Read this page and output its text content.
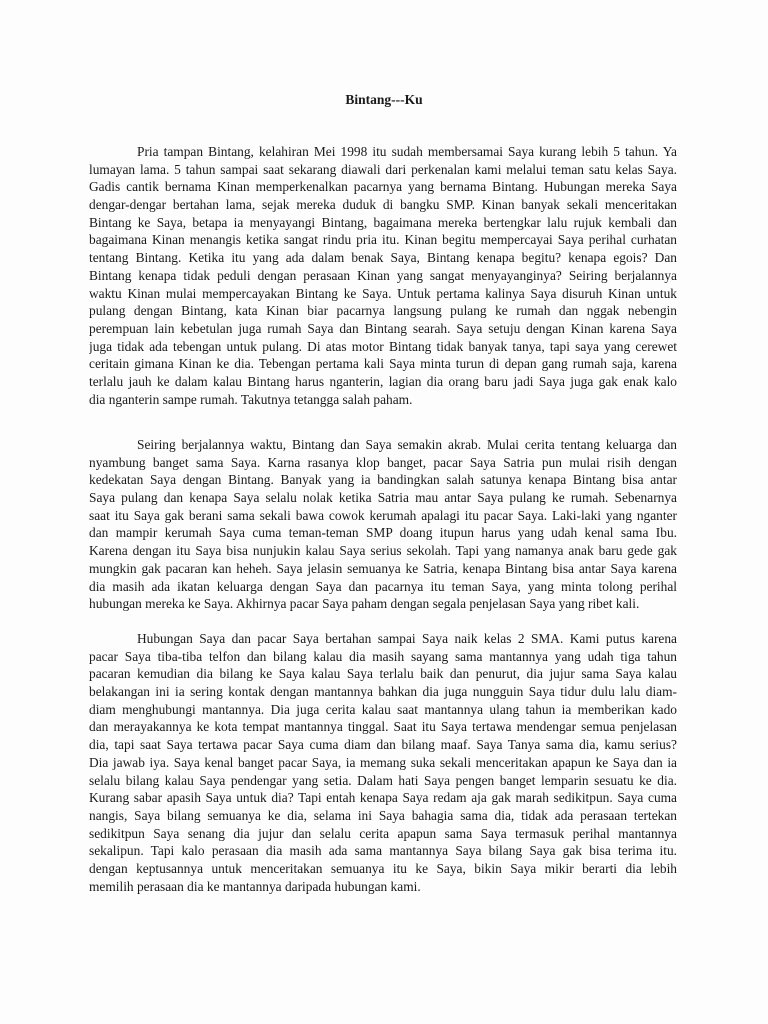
Bintang---Ku
Pria tampan Bintang, kelahiran Mei 1998 itu sudah membersamai Saya kurang lebih 5 tahun. Ya
lumayan lama. 5 tahun sampai saat sekarang diawali dari perkenalan kami melalui teman satu kelas Saya.
Gadis cantik bernama Kinan memperkenalkan pacarnya yang bernama Bintang. Hubungan mereka Saya
dengar-dengar bertahan lama, sejak mereka duduk di bangku SMP. Kinan banyak sekali menceritakan
Bintang ke Saya, betapa ia menyayangi Bintang, bagaimana mereka bertengkar lalu rujuk kembali dan
bagaimana Kinan menangis ketika sangat rindu pria itu. Kinan begitu mempercayai Saya perihal curhatan
tentang Bintang. Ketika itu yang ada dalam benak Saya, Bintang kenapa begitu? kenapa egois? Dan
Bintang kenapa tidak peduli dengan perasaan Kinan yang sangat menyayanginya? Seiring berjalannya
waktu Kinan mulai mempercayakan Bintang ke Saya. Untuk pertama kalinya Saya disuruh Kinan untuk
pulang dengan Bintang, kata Kinan biar pacarnya langsung pulang ke rumah dan nggak nebengin
perempuan lain kebetulan juga rumah Saya dan Bintang searah. Saya setuju dengan Kinan karena Saya
juga tidak ada tebengan untuk pulang. Di atas motor Bintang tidak banyak tanya, tapi saya yang cerewet
ceritain gimana Kinan ke dia. Tebengan pertama kali Saya minta turun di depan gang rumah saja, karena
terlalu jauh ke dalam kalau Bintang harus nganterin, lagian dia orang baru jadi Saya juga gak enak kalo
dia nganterin sampe rumah. Takutnya tetangga salah paham.
Seiring berjalannya waktu, Bintang dan Saya semakin akrab. Mulai cerita tentang keluarga dan
nyambung banget sama Saya. Karna rasanya klop banget, pacar Saya Satria pun mulai risih dengan
kedekatan Saya dengan Bintang. Banyak yang ia bandingkan salah satunya kenapa Bintang bisa antar
Saya pulang dan kenapa Saya selalu nolak ketika Satria mau antar Saya pulang ke rumah. Sebenarnya
saat itu Saya gak berani sama sekali bawa cowok kerumah apalagi itu pacar Saya. Laki-laki yang nganter
dan mampir kerumah Saya cuma teman-teman SMP doang itupun harus yang udah kenal sama Ibu.
Karena dengan itu Saya bisa nunjukin kalau Saya serius sekolah. Tapi yang namanya anak baru gede gak
mungkin gak pacaran kan heheh. Saya jelasin semuanya ke Satria, kenapa Bintang bisa antar Saya karena
dia masih ada ikatan keluarga dengan Saya dan pacarnya itu teman Saya, yang minta tolong perihal
hubungan mereka ke Saya. Akhirnya pacar Saya paham dengan segala penjelasan Saya yang ribet kali.
Hubungan Saya dan pacar Saya bertahan sampai Saya naik kelas 2 SMA. Kami putus karena
pacar Saya tiba-tiba telfon dan bilang kalau dia masih sayang sama mantannya yang udah tiga tahun
pacaran kemudian dia bilang ke Saya kalau Saya terlalu baik dan penurut, dia jujur sama Saya kalau
belakangan ini ia sering kontak dengan mantannya bahkan dia juga nungguin Saya tidur dulu lalu diam-
diam menghubungi mantannya. Dia juga cerita kalau saat mantannya ulang tahun ia memberikan kado
dan merayakannya ke kota tempat mantannya tinggal. Saat itu Saya tertawa mendengar semua penjelasan
dia, tapi saat Saya tertawa pacar Saya cuma diam dan bilang maaf. Saya Tanya sama dia, kamu serius?
Dia jawab iya. Saya kenal banget pacar Saya, ia memang suka sekali menceritakan apapun ke Saya dan ia
selalu bilang kalau Saya pendengar yang setia. Dalam hati Saya pengen banget lemparin sesuatu ke dia.
Kurang sabar apasih Saya untuk dia? Tapi entah kenapa Saya redam aja gak marah sedikitpun. Saya cuma
nangis, Saya bilang semuanya ke dia, selama ini Saya bahagia sama dia, tidak ada perasaan tertekan
sedikitpun Saya senang dia jujur dan selalu cerita apapun sama Saya termasuk perihal mantannya
sekalipun. Tapi kalo perasaan dia masih ada sama mantannya Saya bilang Saya gak bisa terima itu.
dengan keptusannya untuk menceritakan semuanya itu ke Saya, bikin Saya mikir berarti dia lebih
memilih perasaan dia ke mantannya daripada hubungan kami.
